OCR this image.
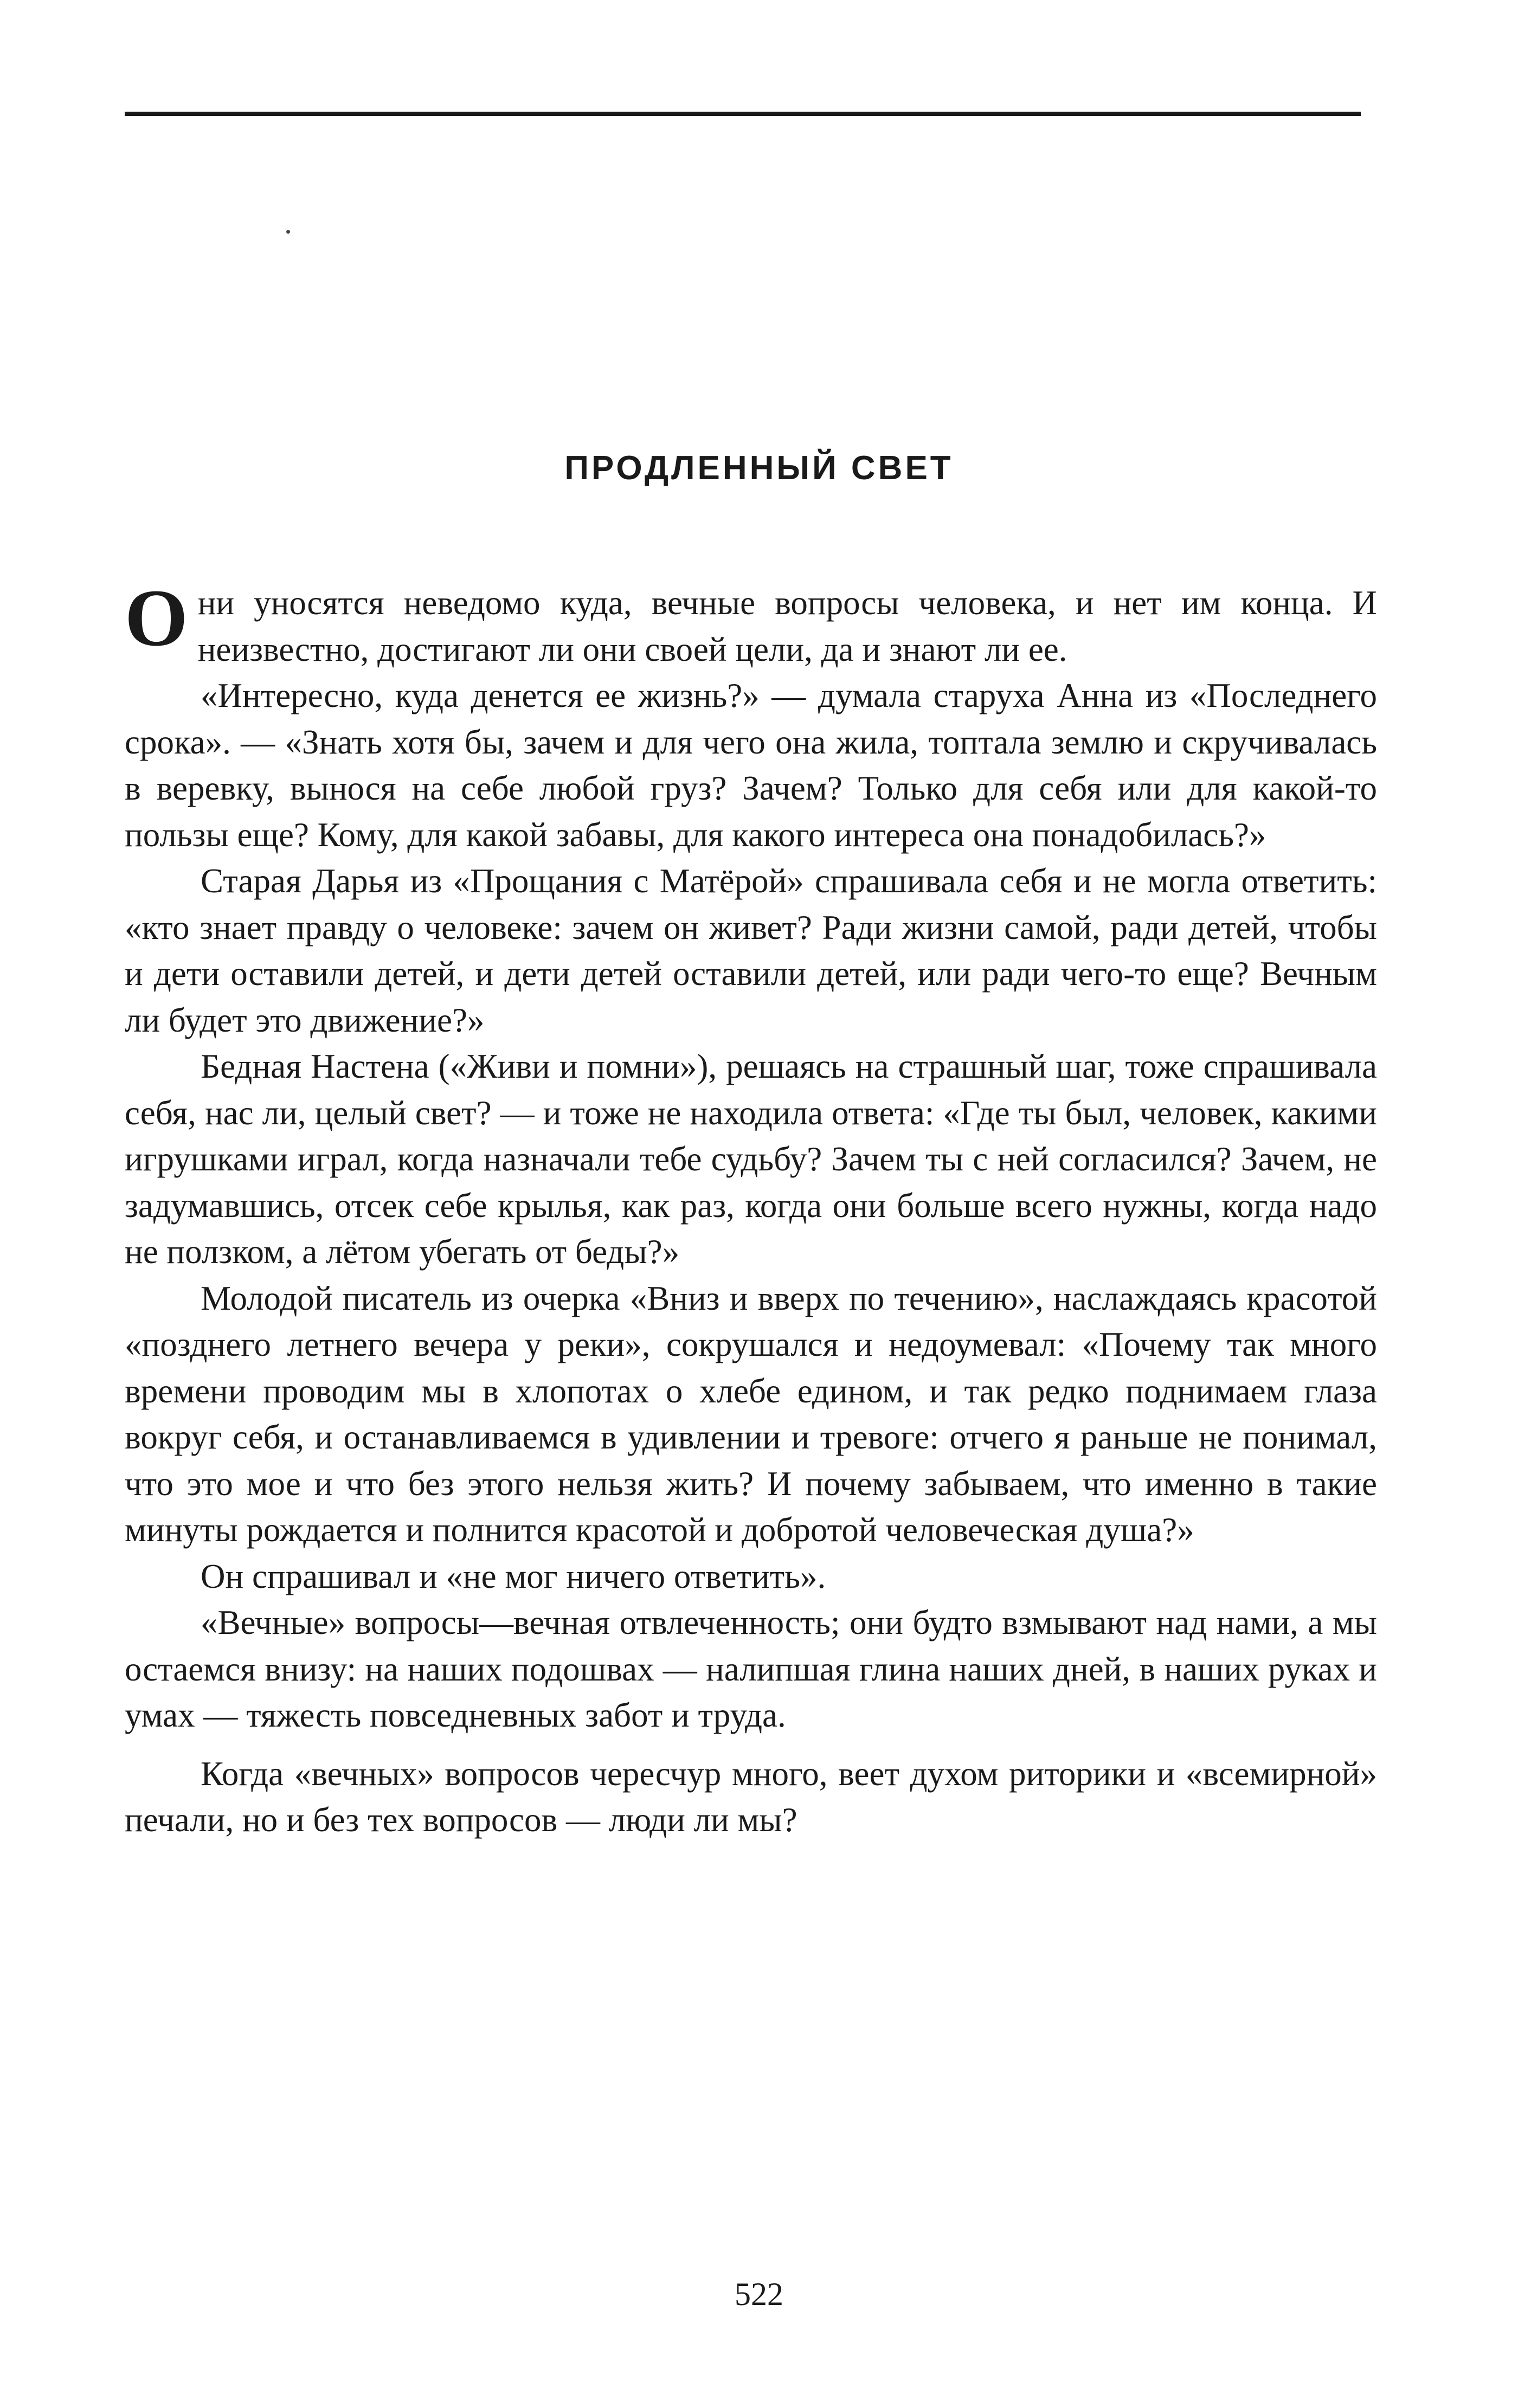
ПРОДЛЕННЫЙ СВЕТ

Они уносятся неведомо куда, вечные вопросы человека, и нет им конца. И неизвестно, достигают ли они своей цели, да и знают ли ее.

«Интересно, куда денется ее жизнь?» — думала старуха Анна из «Последнего срока». — «Знать хотя бы, зачем и для чего она жила, топтала землю и скручивалась в веревку, вынося на себе любой груз? Зачем? Только для себя или для какой-то пользы еще? Кому, для какой забавы, для какого интереса она понадобилась?»

Старая Дарья из «Прощания с Матёрой» спрашивала себя и не могла ответить: «кто знает правду о человеке: зачем он живет? Ради жизни самой, ради детей, чтобы и дети оставили детей, и дети детей оставили детей, или ради чего-то еще? Вечным ли будет это движение?»

Бедная Настена («Живи и помни»), решаясь на страшный шаг, тоже спрашивала себя, нас ли, целый свет? — и тоже не находила ответа: «Где ты был, человек, какими игрушками играл, когда назначали тебе судьбу? Зачем ты с ней согласился? Зачем, не задумавшись, отсек себе крылья, как раз, когда они больше всего нужны, когда надо не ползком, а лётом убегать от беды?»

Молодой писатель из очерка «Вниз и вверх по течению», наслаждаясь красотой «позднего летнего вечера у реки», сокрушался и недоумевал: «Почему так много времени проводим мы в хлопотах о хлебе едином, и так редко поднимаем глаза вокруг себя, и останавливаемся в удивлении и тревоге: отчего я раньше не понимал, что это мое и что без этого нельзя жить? И почему забываем, что именно в такие минуты рождается и полнится красотой и добротой человеческая душа?»

Он спрашивал и «не мог ничего ответить».

«Вечные» вопросы—вечная отвлеченность; они будто взмывают над нами, а мы остаемся внизу: на наших подошвах — налипшая глина наших дней, в наших руках и умах — тяжесть повседневных забот и труда.

Когда «вечных» вопросов чересчур много, веет духом риторики и «всемирной» печали, но и без тех вопросов — люди ли мы?

522
